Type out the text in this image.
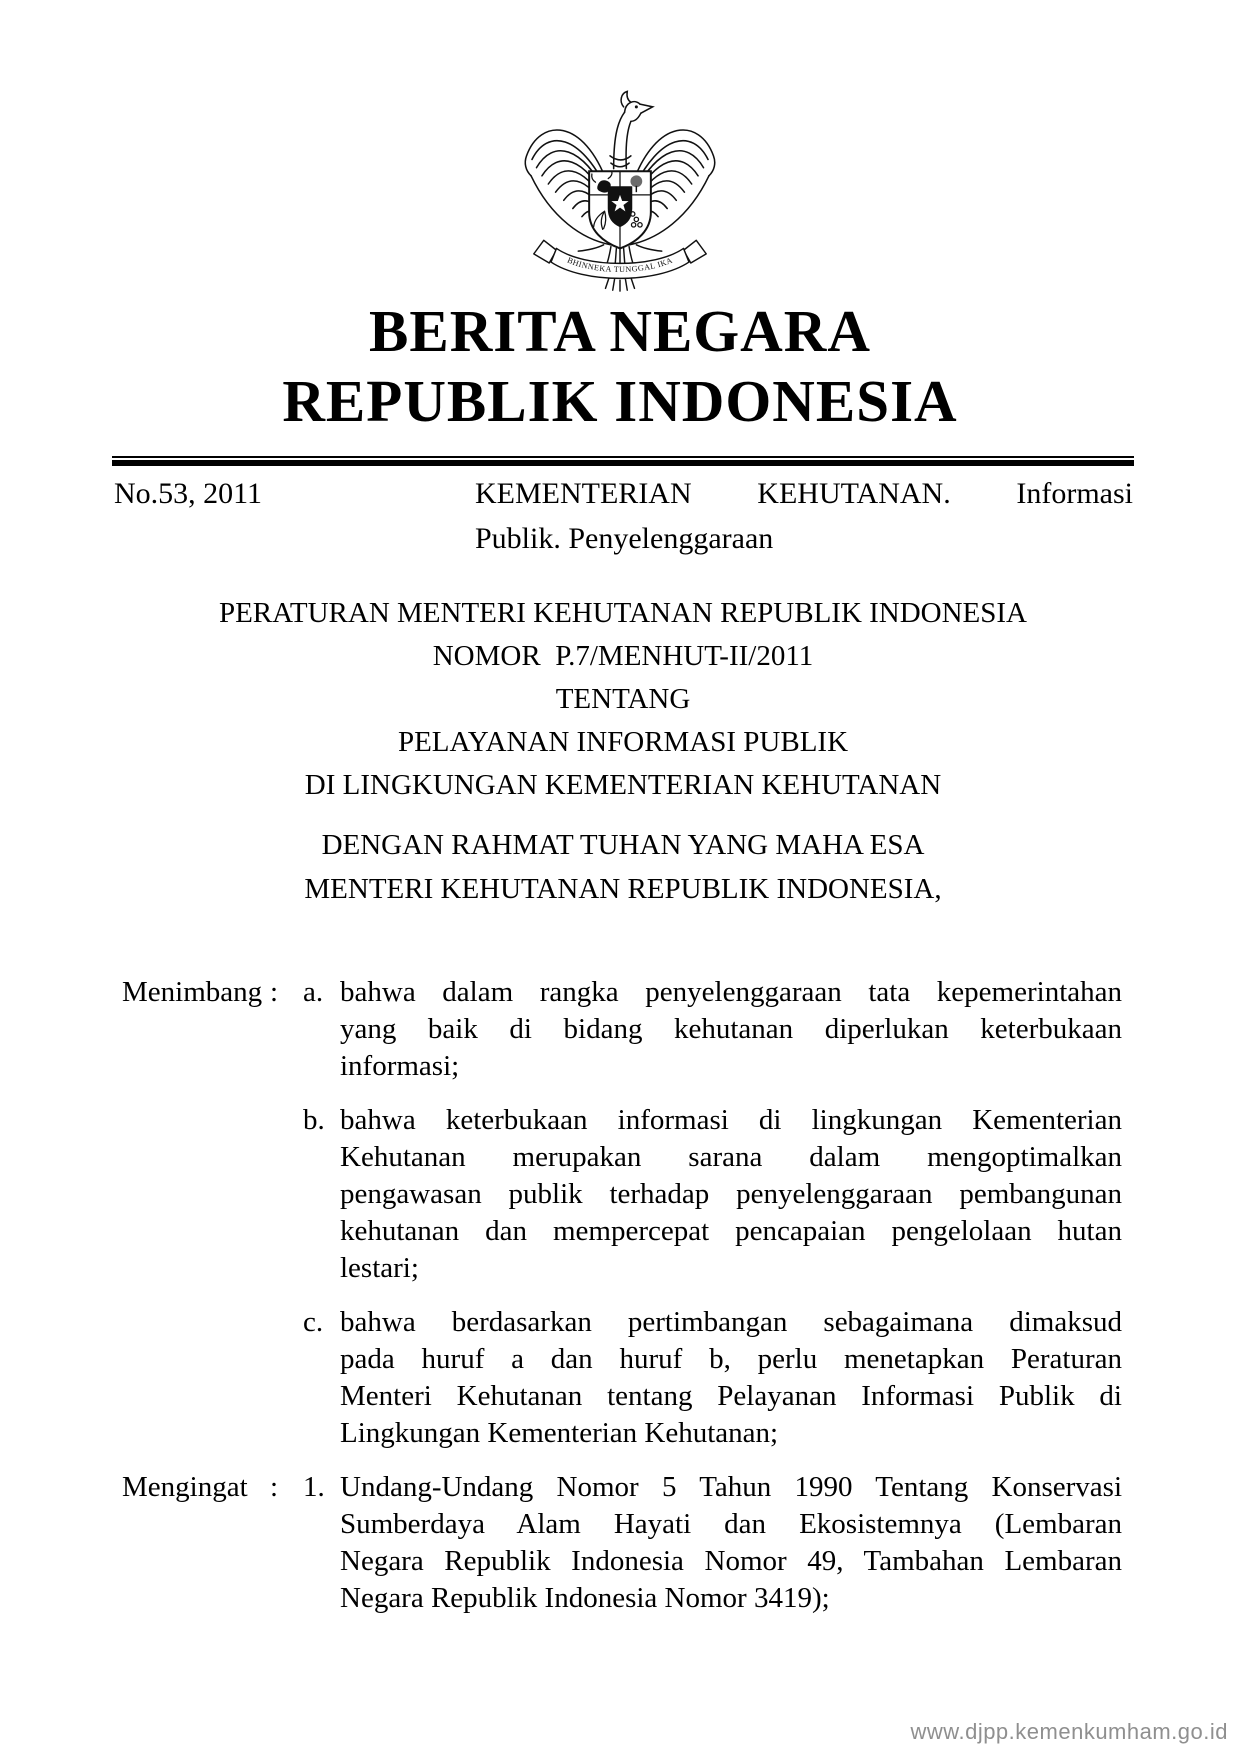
BHINNEKA TUNGGAL IKA
BERITA NEGARA
REPUBLIK INDONESIA
No.53, 2011	KEMENTERIAN KEHUTANAN. Informasi
Publik. Penyelenggaraan
PERATURAN MENTERI KEHUTANAN REPUBLIK INDONESIA
NOMOR  P.7/MENHUT-II/2011
TENTANG
PELAYANAN INFORMASI PUBLIK
DI LINGKUNGAN KEMENTERIAN KEHUTANAN
DENGAN RAHMAT TUHAN YANG MAHA ESA
MENTERI KEHUTANAN REPUBLIK INDONESIA,
Menimbang : a. bahwa dalam rangka penyelenggaraan tata kepemerintahan
yang baik di bidang kehutanan diperlukan keterbukaan
informasi;
b. bahwa keterbukaan informasi di lingkungan Kementerian
Kehutanan merupakan sarana dalam mengoptimalkan
pengawasan publik terhadap penyelenggaraan pembangunan
kehutanan dan mempercepat pencapaian pengelolaan hutan
lestari;
c. bahwa berdasarkan pertimbangan sebagaimana dimaksud
pada huruf a dan huruf b, perlu menetapkan Peraturan
Menteri Kehutanan tentang Pelayanan Informasi Publik di
Lingkungan Kementerian Kehutanan;
Mengingat : 1. Undang-Undang Nomor 5 Tahun 1990 Tentang Konservasi
Sumberdaya Alam Hayati dan Ekosistemnya (Lembaran
Negara Republik Indonesia Nomor 49, Tambahan Lembaran
Negara Republik Indonesia Nomor 3419);
www.djpp.kemenkumham.go.id
